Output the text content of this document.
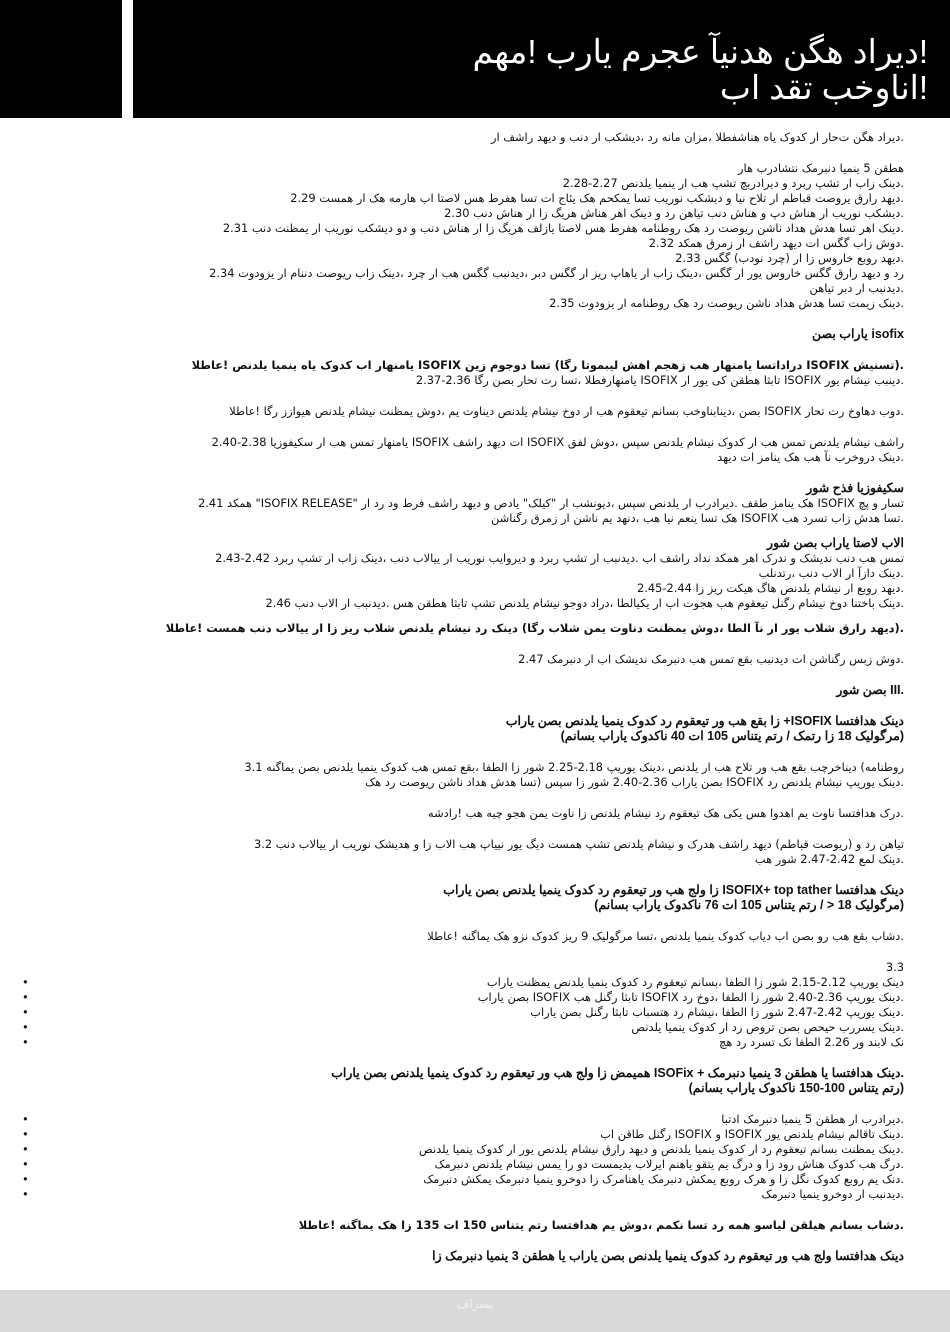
!دیراد هگن هدنیآ عجرم یارب !مهم
!اناوخب تقد اب

.دیراد هگن ت‌حار ار کدوک یاه هناشفطلا ،مزان مانه رد ،دیشکب ار دنب و دیهد راشف ار

هطقن 5 ینمیا دنبرمک نتشادرب هار

.دینک زاب ار تشپ ربرد و دیرادربچ تشپ هب ار ینمیا یلدنص 2.27-2.28

.دیهد رارق یروصت قباطم ار تلاح نیا و دیشکب نوریب تسا یمکحم هک یئاج ات تسا هفرط هس لاصتا اب هارمه هک ار همست 2.29

.دیشکب نوریب ار هناش دپ و هناش دنب تیاهن رد و دینک اهر هناش هریگ زا ار هناش دنب 2.30

.دینک اهر تسا هدش هداد ناشن ریوصت رد هک روطنامه هفرط هس لاصتا یازلف هریگ زا ار هناش دنب و دو دیشکب نوریب ار یمظنت دنب 2.31

.دوش زاب گگس ات دیهد راشف ار زمرق همکد 2.32

.دیهد روبع خاروس زا ار (چرد نودب) گگس 2.33

رد و دیهد رارق گگس خاروس یور ار گگس ،دینک زاب ار یاهاپ ریز ار گگس دبر ،دیدنبب گگس هب ار چرد ،دینک زاب ریوصت دننام ار یزودوت 2.34

.دیدنبب ار دبر تیاهن

.دینک زیمت تسا هدش هداد ناشن ریوصت رد هک روطنامه ار یزودوت 2.35

isofix یاراب بصن

.(تسنیش ISOFIX دراداتسا یامنهار هب زهجم اهش لیبموتا رگا) تسا دوجوم زین ISOFIX یامنهار اب کدوک یاه ینمیا یلدنص !عاطلا

.دینبب نیشام یور ISOFIX تابثا هطقن کی یور ار ISOFIX یامنهارفطلا ،تسا رت تحار بصن رگا 2.36-2.37

.دوب دهاوخ رت تحار ISOFIX بصن ،دینابناوخب بسانم تیعقوم هب ار دوخ نیشام یلدنص دیناوت یم ،دوش یمظنت نیشام یلدنص هیوازز رگا !عاطلا

راشف نیشام یلدنص تمس هب ار کدوک نیشام یلدنص سپس ،دوش لفق ISOFIX ات دیهد راشف ISOFIX یامنهار تمس هب ار سکیفوزیا 2.38-2.40

.دینک دروخرب نآ هب هک ینامز ات دیهد

سکیفوزیا فذح شور

تسار و پچ ISOFIX هک ینامز طقف .دیرادرب ار یلدنص سپس ،دیونشب ار "کیلک" یادص و دیهد راشف فرط ود رد ار "ISOFIX RELEASE" همکد 2.41

.تسا هدش زاب تسرد هب ISOFIX هک تسا ینعم نیا هب ،دنهد یم ناشن ار زمرق رگناشن

الاب لاصتا یاراب بصن شور

تمس هب دنب ندیشک و ندرک اهر همکد نداد راشف اب .دیدنبب ار تشپ ربرد و دیروایب نوریب ار ییالاب دنب ،دینک زاب ار تشپ ربرد 2.42-2.43

.دینک دازآ ار الاب دنب ،رتدنلب

.دیهد روبع ار نیشام یلدنص هاگ هیکت ریز زا 2.44-2.45

.دینک باختنا دوخ نیشام رگنل تیعقوم هب هجوت اب ار یکیالطا ،دراد دوجو نیشام یلدنص تشپ تابثا هطقن هس .دیدنبب ار الاب دنب 2.46

.(دیهد رارق شلاب یور ار نآ الطا ،دوش یمظنت دناوت یمن شلاب رگا) دینک رد نیشام یلدنص شلاب ریز زا ار ییالاب دنب همست !عاطلا

.دوش زبس رگناشن ات دیدنبب بقع تمس هب دنبرمک ندیشک اب ار دنبرمک 2.47

.III بصن شور

دینک هدافتسا ISOFIX+ زا بقع هب ور تیعقوم رد کدوک ینمیا یلدنص بصن یاراب

(مرگولیک 18 زا رتمک / رتم یتناس 105 ات 40 ناکدوک یاراب بسانم)

روطنامه) دیناخرچب بقع هب ور تلاح هب ار یلدنص ،دینک یوریپ 2.18-2.25 شور زا الطفا ،بقع تمس هب کدوک ینمیا یلدنص بصن یماگنه 3.1

.دینک یوریپ نیشام یلدنص رد ISOFIX بصن یاراب 2.36-2.40 شور زا سپس (تسا هدش هداد ناشن ریوصت رد هک

.درک هدافتسا ناوت یم اهدوا هس یکی هک تیعقوم رد نیشام یلدنص زا ناوت یمن هجو چیه هب !رادشه

تیاهن رد و (ریوصت قباطم) دیهد راشف هدرک و نیشام یلدنص تشپ همست دیگ یور نییاپ هب الاب زا و هدیشک نوریب ار ییالاب دنب 3.2

.دینک لمع 2.42-2.47 شور هب

دینک هدافتسا ISOFIX+ top tather زا ولج هب ور تیعقوم رد کدوک ینمیا یلدنص بصن یاراب

(مرگولیک 18 < / رتم یتناس 105 ات 76 ناکدوک یاراب بسانم)

.دشاب بقع هب رو بصن اب دیاب کدوک ینمیا یلدنص ،تسا مرگولیک 9 ریز کدوک نزو هک یماگنه !عاطلا

3.3

دینک یوریپ 2.12-2.15 شور زا الطفا ،بسانم تیعقوم رد کدوک ینمیا یلدنص یمظنت یاراب •
.دینک یوریپ 2.36-2.40 شور زا الطفا ،دوخ رد ISOFIX تابثا رگنل هب ISOFIX بصن یاراب •
.دینک یوریپ 2.42-2.47 شور زا الطفا ،نیشام رد هتسباب تابثا رگنل بصن یاراب •
.دینک یسررب حیحص بصن تروص رد ار کدوک ینمیا یلدنص •
نک لابند ور 2.26 الطفا نک تسرد رد هچ •

.دینک هدافتسا یا هطقن 3 ینمیا دنبرمک + ISOFix همیمض زا ولج هب ور تیعقوم رد کدوک ینمیا یلدنص بصن یاراب

(رتم یتناس 100-150 ناکدوک یاراب بسانم)

.دیرادرب ار هطقن 5 ینمیا دنبرمک ادتبا •
.دینک تاقالم نیشام یلدنص یور ISOFIX و ISOFIX رگنل طاقن اب •
.دینک یمظنت بسانم تیعقوم رد ار کدوک ینمیا یلدنص و دیهد رارق نیشام یلدنص یور ار کدوک ینمیا یلدنص •
.درگ هب کدوک هناش رود زا و درگ یم یتقو یاهنم ایرلاب یدیمست دو را یمس نیشام یلدنص دنبرمک •
.دنک یم روبع کدوک نگل زا و هرک روبع یمکش دنبرمک یاهنامرک زا دوخرو ینمیا دنبرمک یمکش دنبرمک •
.دیدنبب ار دوخرو ینمیا دنبرمک •

.دشاب بسانم هیلقن لیاسو همه رد تسا نکمم ،دوش یم هدافتسا رتم یتناس 150 ات 135 زا هک یماگنه !عاطلا

دینک هدافتسا ولج هب ور تیعقوم رد کدوک ینمیا یلدنص بصن یاراب یا هطقن 3 ینمیا دنبرمک زا

یسراف
